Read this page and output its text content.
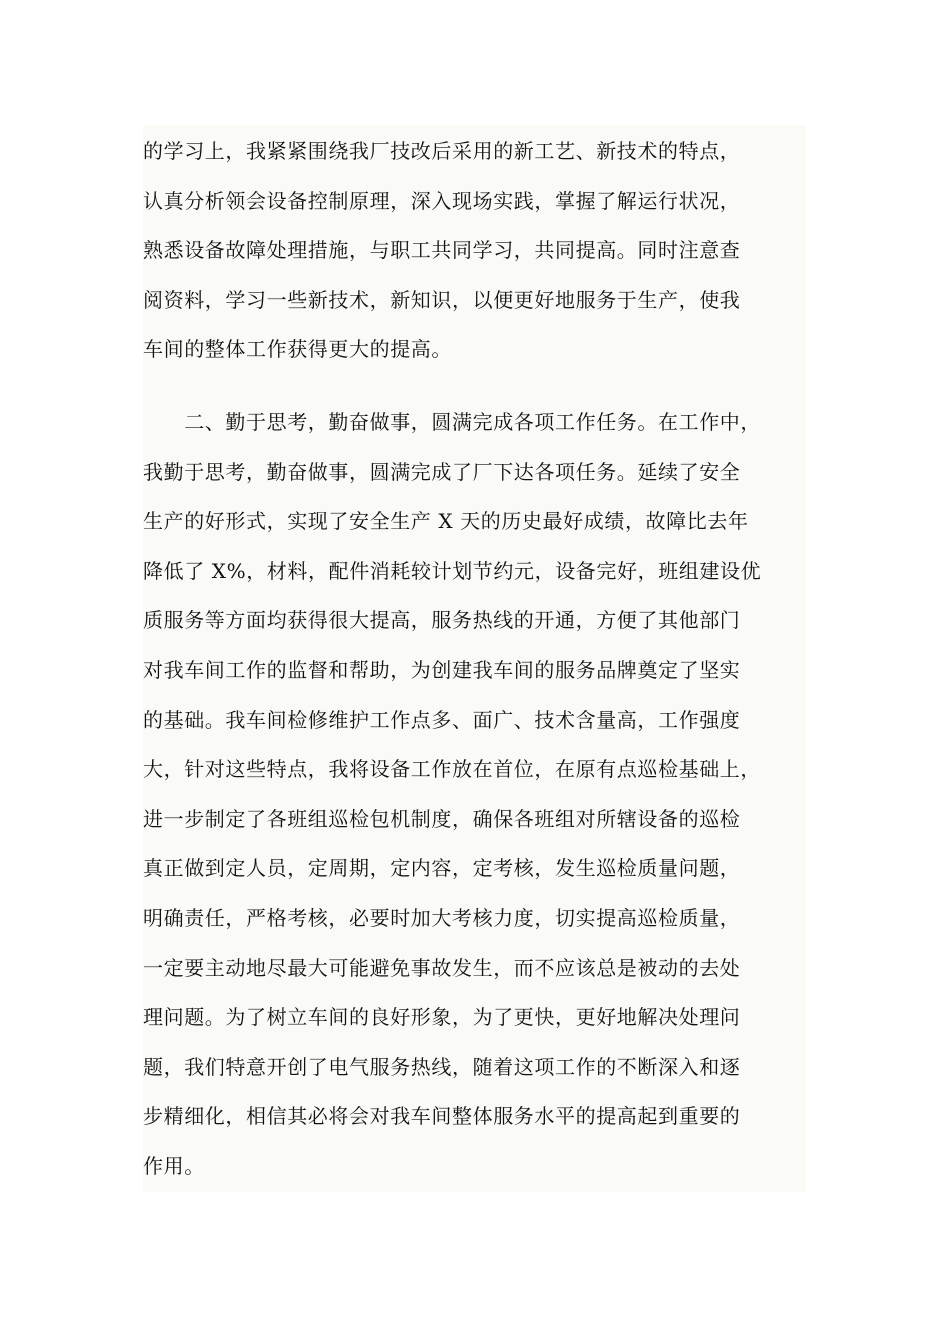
的学习上，我紧紧围绕我厂技改后采用的新工艺、新技术的特点，
认真分析领会设备控制原理，深入现场实践，掌握了解运行状况，
熟悉设备故障处理措施，与职工共同学习，共同提高。同时注意查
阅资料，学习一些新技术，新知识，以便更好地服务于生产，使我
车间的整体工作获得更大的提高。

　　二、勤于思考，勤奋做事，圆满完成各项工作任务。在工作中，
我勤于思考，勤奋做事，圆满完成了厂下达各项任务。延续了安全
生产的好形式，实现了安全生产 X 天的历史最好成绩，故障比去年
降低了 X%，材料，配件消耗较计划节约元，设备完好，班组建设优
质服务等方面均获得很大提高，服务热线的开通，方便了其他部门
对我车间工作的监督和帮助，为创建我车间的服务品牌奠定了坚实
的基础。我车间检修维护工作点多、面广、技术含量高，工作强度
大，针对这些特点，我将设备工作放在首位，在原有点巡检基础上，
进一步制定了各班组巡检包机制度，确保各班组对所辖设备的巡检
真正做到定人员，定周期，定内容，定考核，发生巡检质量问题，
明确责任，严格考核，必要时加大考核力度，切实提高巡检质量，
一定要主动地尽最大可能避免事故发生，而不应该总是被动的去处
理问题。为了树立车间的良好形象，为了更快，更好地解决处理问
题，我们特意开创了电气服务热线，随着这项工作的不断深入和逐
步精细化，相信其必将会对我车间整体服务水平的提高起到重要的
作用。
